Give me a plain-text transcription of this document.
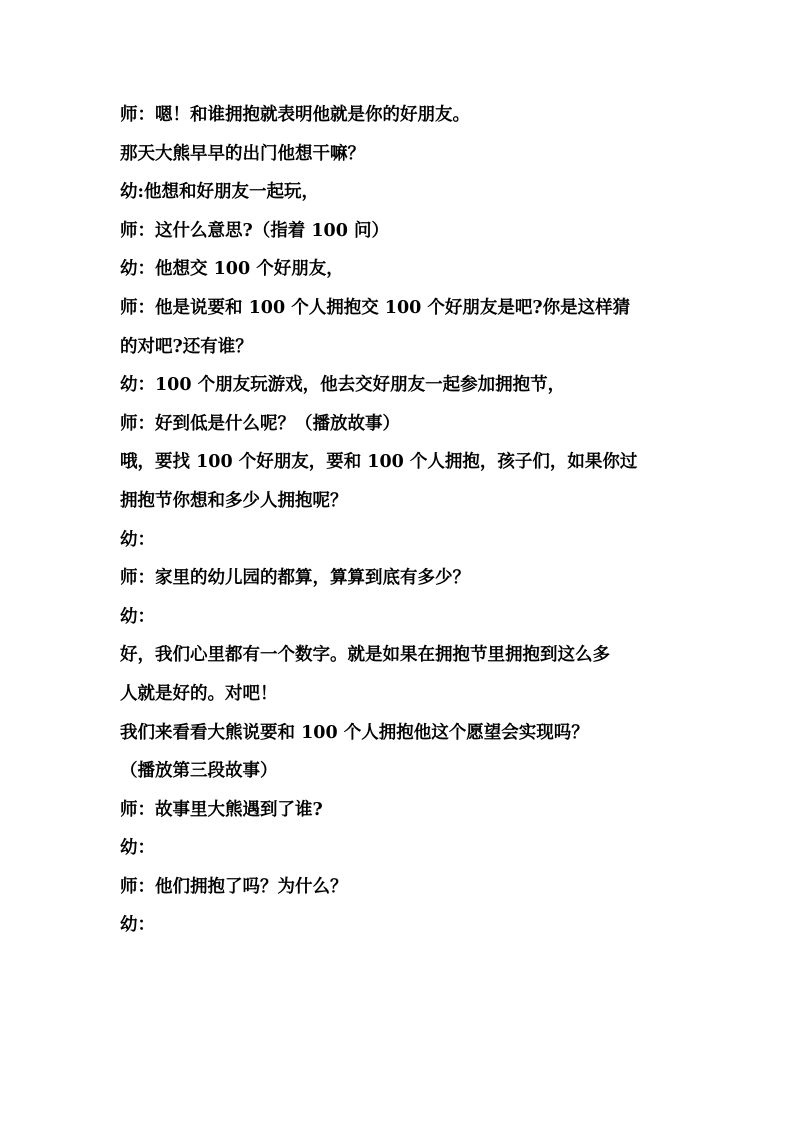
师：嗯！和谁拥抱就表明他就是你的好朋友。
那天大熊早早的出门他想干嘛？
幼:他想和好朋友一起玩，
师：这什么意思?（指着 100 问）
幼：他想交 100 个好朋友，
师：他是说要和 100 个人拥抱交 100 个好朋友是吧?你是这样猜
的对吧?还有谁？
幼：100 个朋友玩游戏，他去交好朋友一起参加拥抱节，
师：好到低是什么呢？（播放故事）
哦，要找 100 个好朋友，要和 100 个人拥抱，孩子们，如果你过
拥抱节你想和多少人拥抱呢？
幼：
师：家里的幼儿园的都算，算算到底有多少？
幼：
好，我们心里都有一个数字。就是如果在拥抱节里拥抱到这么多
人就是好的。对吧！
我们来看看大熊说要和 100 个人拥抱他这个愿望会实现吗？
（播放第三段故事）
师：故事里大熊遇到了谁?
幼：
师：他们拥抱了吗？为什么？
幼：
